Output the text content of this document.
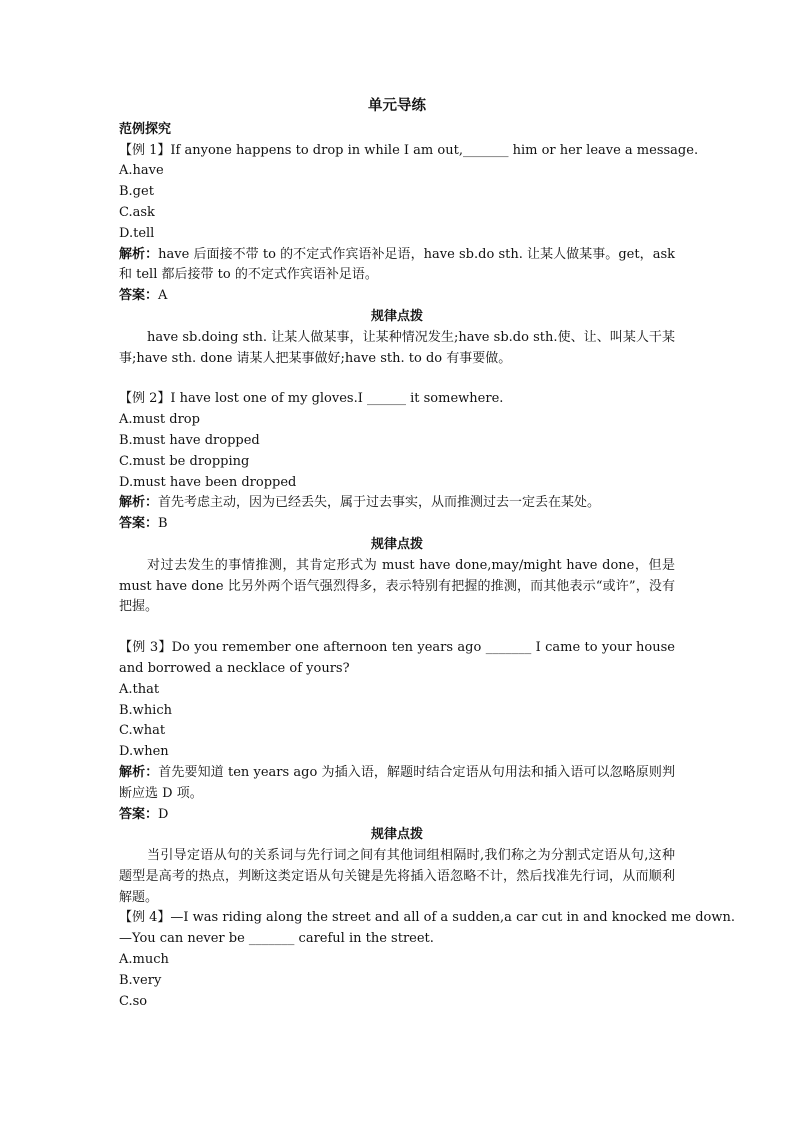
单元导练
范例探究
【例 1】If anyone happens to drop in while I am out,_______ him or her leave a message.
A.have
B.get
C.ask
D.tell
解析：have 后面接不带 to 的不定式作宾语补足语，have sb.do sth. 让某人做某事。get，ask 和 tell 都后接带 to 的不定式作宾语补足语。
答案：A
规律点拨
have sb.doing sth. 让某人做某事，让某种情况发生;have sb.do sth.使、让、叫某人干某事;have sth. done 请某人把某事做好;have sth. to do 有事要做。
【例 2】I have lost one of my gloves.I ______ it somewhere.
A.must drop
B.must have dropped
C.must be dropping
D.must have been dropped
解析：首先考虑主动，因为已经丢失，属于过去事实，从而推测过去一定丢在某处。
答案：B
规律点拨
对过去发生的事情推测，其肯定形式为 must have done,may/might have done，但是 must have done 比另外两个语气强烈得多，表示特别有把握的推测，而其他表示“或许”，没有把握。
【例 3】Do you remember one afternoon ten years ago _______ I came to your house and borrowed a necklace of yours?
A.that
B.which
C.what
D.when
解析：首先要知道 ten years ago 为插入语，解题时结合定语从句用法和插入语可以忽略原则判断应选 D 项。
答案：D
规律点拨
当引导定语从句的关系词与先行词之间有其他词组相隔时,我们称之为分割式定语从句,这种题型是高考的热点，判断这类定语从句关键是先将插入语忽略不计，然后找准先行词，从而顺利解题。
【例 4】—I was riding along the street and all of a sudden,a car cut in and knocked me down.
—You can never be _______ careful in the street.
A.much
B.very
C.so
